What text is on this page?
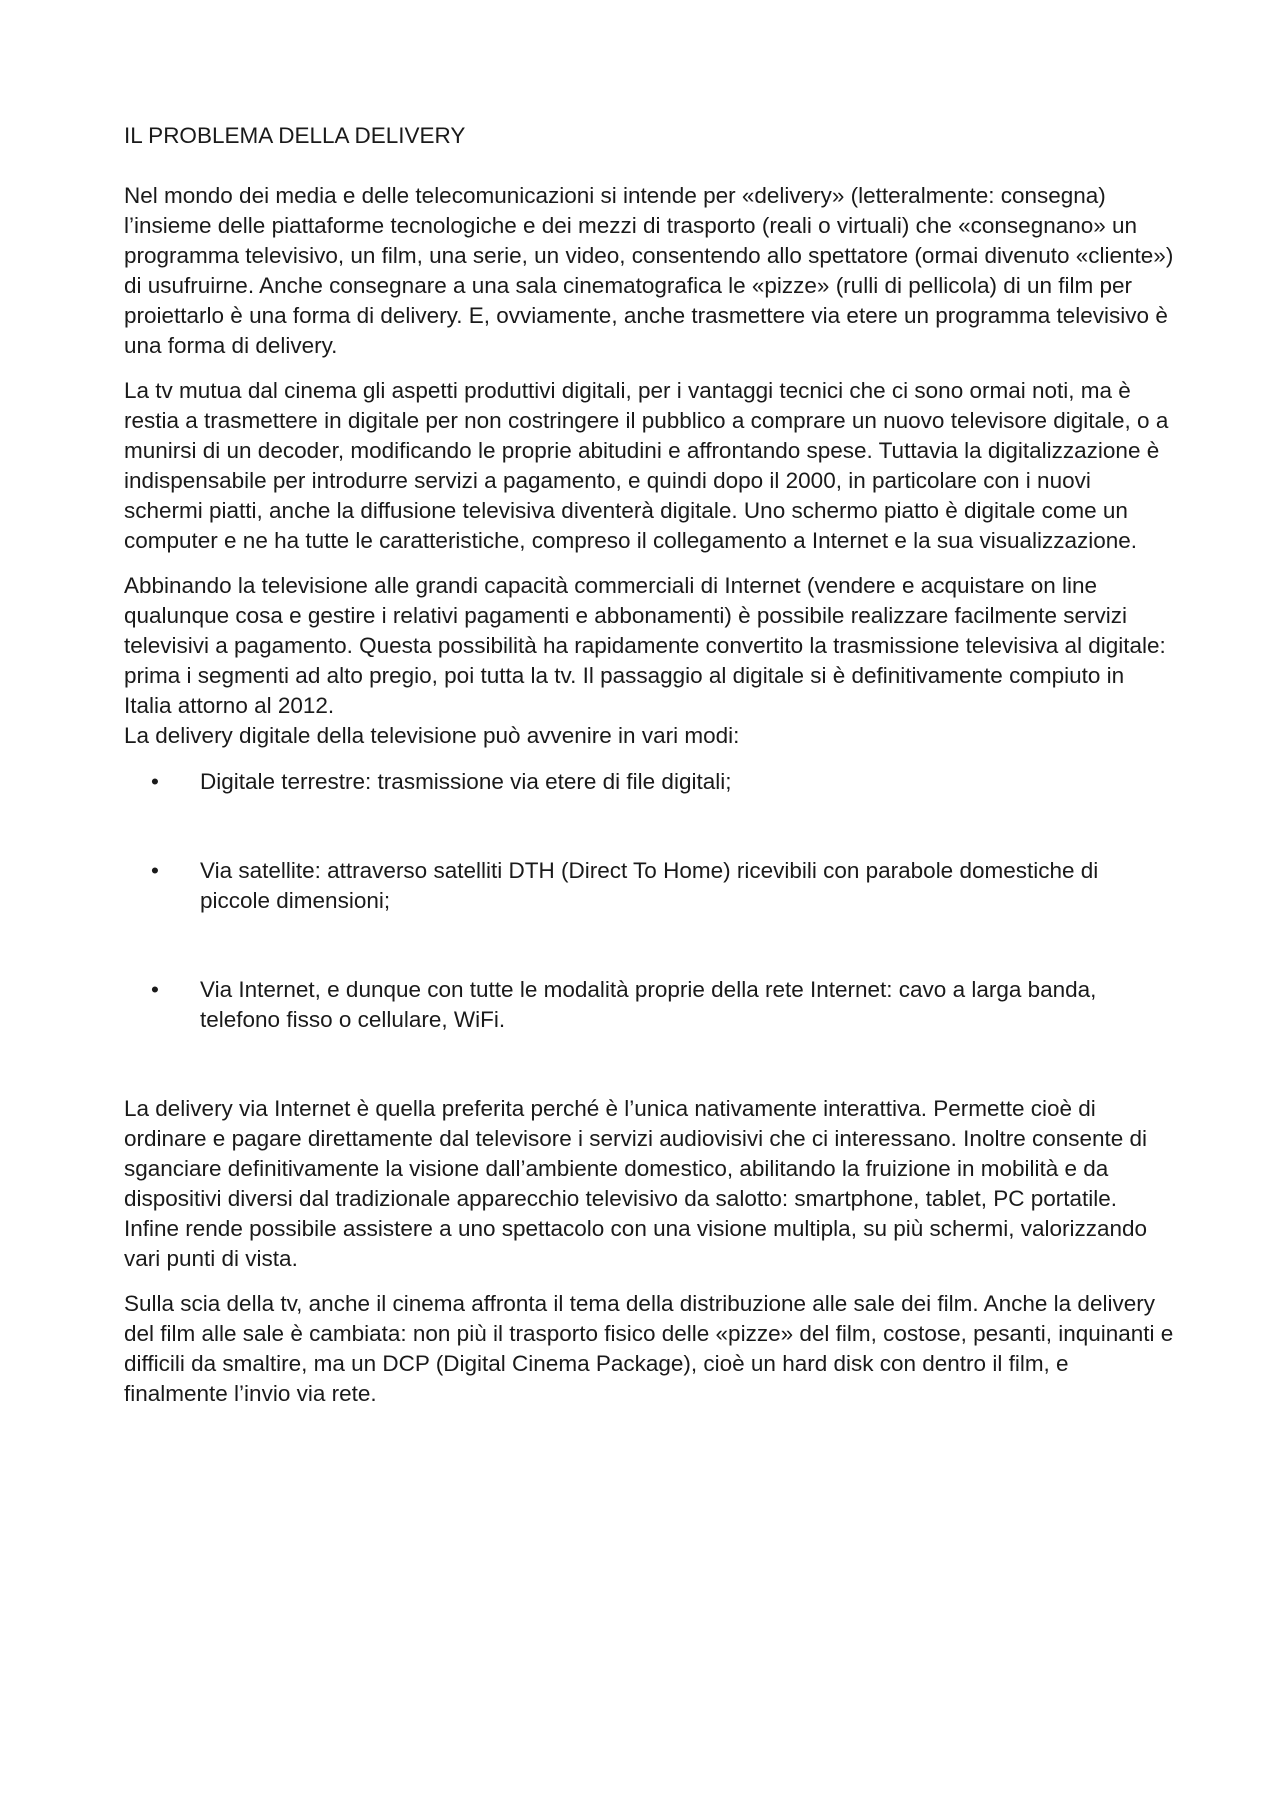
IL PROBLEMA DELLA DELIVERY

Nel mondo dei media e delle telecomunicazioni si intende per «delivery» (letteralmente: consegna) l’insieme delle piattaforme tecnologiche e dei mezzi di trasporto (reali o virtuali) che «consegnano» un programma televisivo, un film, una serie, un video, consentendo allo spettatore (ormai divenuto «cliente») di usufruirne. Anche consegnare a una sala cinematografica le «pizze» (rulli di pellicola) di un film per proiettarlo è una forma di delivery. E, ovviamente, anche trasmettere via etere un programma televisivo è una forma di delivery.

La tv mutua dal cinema gli aspetti produttivi digitali, per i vantaggi tecnici che ci sono ormai noti, ma è restia a trasmettere in digitale per non costringere il pubblico a comprare un nuovo televisore digitale, o a munirsi di un decoder, modificando le proprie abitudini e affrontando spese. Tuttavia la digitalizzazione è indispensabile per introdurre servizi a pagamento, e quindi dopo il 2000, in particolare con i nuovi schermi piatti, anche la diffusione televisiva diventerà digitale. Uno schermo piatto è digitale come un computer e ne ha tutte le caratteristiche, compreso il collegamento a Internet e la sua visualizzazione.

Abbinando la televisione alle grandi capacità commerciali di Internet (vendere e acquistare on line qualunque cosa e gestire i relativi pagamenti e abbonamenti) è possibile realizzare facilmente servizi televisivi a pagamento. Questa possibilità ha rapidamente convertito la trasmissione televisiva al digitale: prima i segmenti ad alto pregio, poi tutta la tv. Il passaggio al digitale si è definitivamente compiuto in Italia attorno al 2012.

La delivery digitale della televisione può avvenire in vari modi:

• Digitale terrestre: trasmissione via etere di file digitali;
• Via satellite: attraverso satelliti DTH (Direct To Home) ricevibili con parabole domestiche di
piccole dimensioni;
• Via Internet, e dunque con tutte le modalità proprie della rete Internet: cavo a larga banda, telefono fisso o cellulare, WiFi.

La delivery via Internet è quella preferita perché è l’unica nativamente interattiva. Permette cioè di ordinare e pagare direttamente dal televisore i servizi audiovisivi che ci interessano. Inoltre consente di sganciare definitivamente la visione dall’ambiente domestico, abilitando la fruizione in mobilità e da dispositivi diversi dal tradizionale apparecchio televisivo da salotto: smartphone, tablet, PC portatile. Infine rende possibile assistere a uno spettacolo con una visione multipla, su più schermi, valorizzando vari punti di vista.

Sulla scia della tv, anche il cinema affronta il tema della distribuzione alle sale dei film. Anche la delivery del film alle sale è cambiata: non più il trasporto fisico delle «pizze» del film, costose, pesanti, inquinanti e difficili da smaltire, ma un DCP (Digital Cinema Package), cioè un hard disk con dentro il film, e finalmente l’invio via rete.
